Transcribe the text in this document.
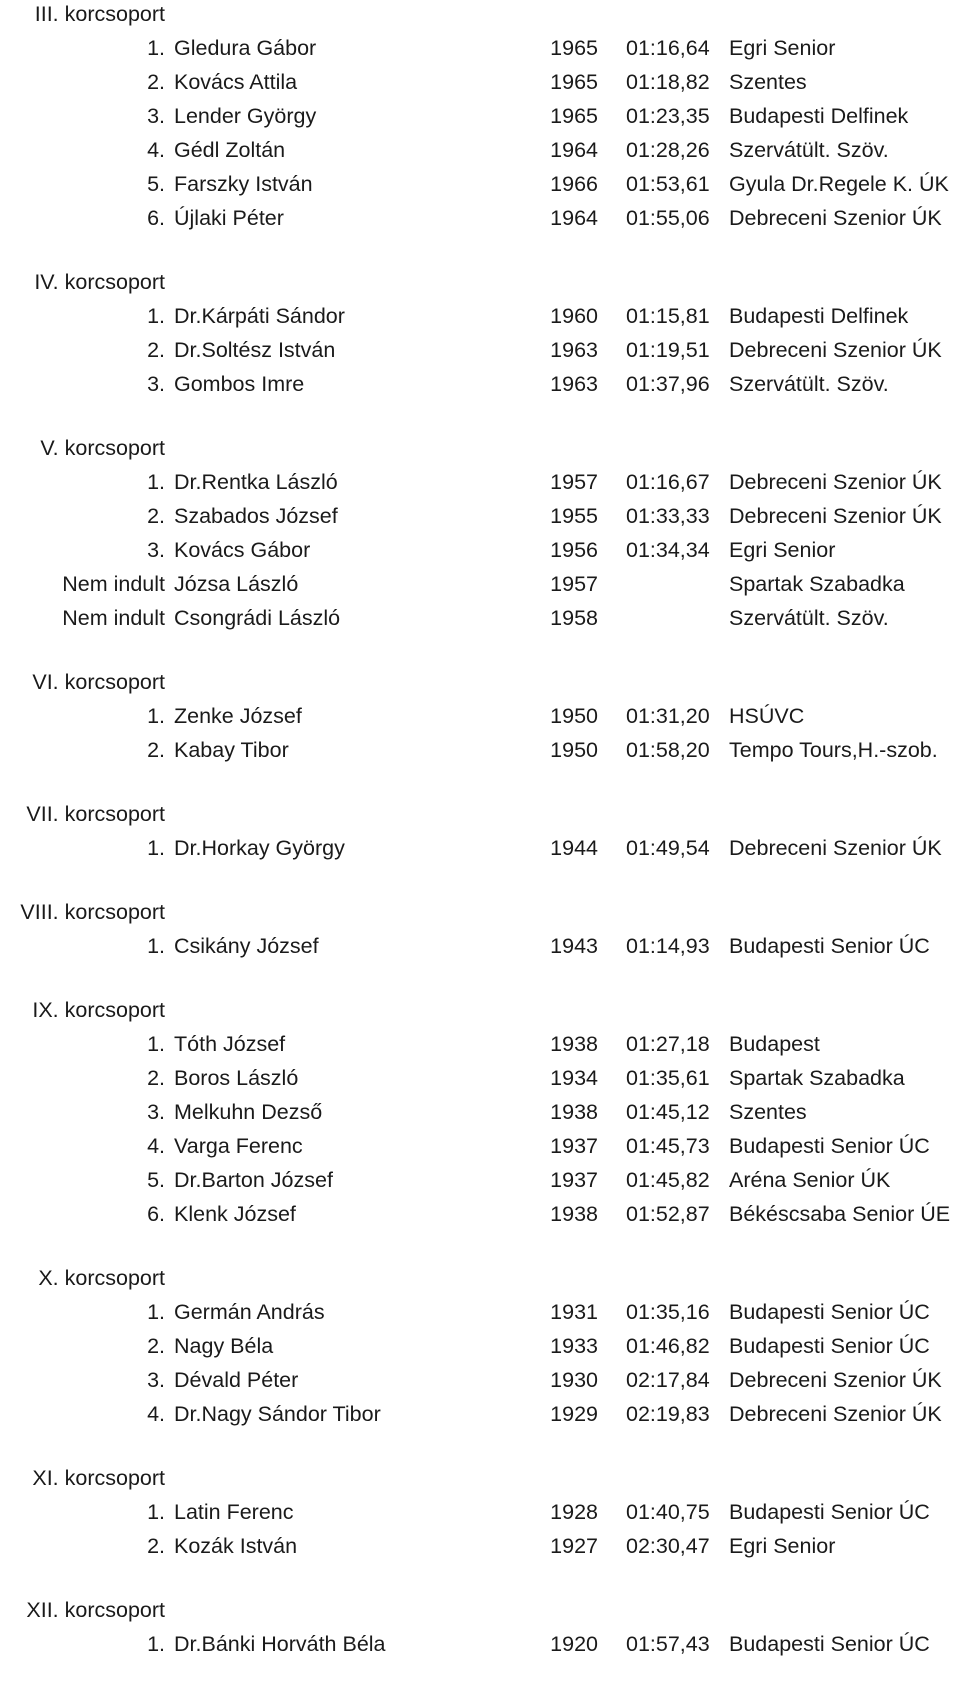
III. korcsoport
1. Gledura Gábor	1965 01:16,64 Egri Senior
2. Kovács Attila	1965 01:18,82 Szentes
3. Lender György	1965 01:23,35 Budapesti Delfinek
4. Gédl Zoltán	1964 01:28,26 Szervátült. Szöv.
5. Farszky István	1966 01:53,61 Gyula Dr.Regele K. ÚK
6. Újlaki Péter	1964 01:55,06 Debreceni Szenior ÚK
IV. korcsoport
1. Dr.Kárpáti Sándor	1960 01:15,81 Budapesti Delfinek
2. Dr.Soltész István	1963 01:19,51 Debreceni Szenior ÚK
3. Gombos Imre	1963 01:37,96 Szervátült. Szöv.
V. korcsoport
1. Dr.Rentka László	1957 01:16,67 Debreceni Szenior ÚK
2. Szabados József	1955 01:33,33 Debreceni Szenior ÚK
3. Kovács Gábor	1956 01:34,34 Egri Senior
Nem indult Józsa László	1957	Spartak Szabadka
Nem indult Csongrádi László	1958	Szervátült. Szöv.
VI. korcsoport
1. Zenke József	1950 01:31,20 HSÚVC
2. Kabay Tibor	1950 01:58,20 Tempo Tours,H.-szob.
VII. korcsoport
1. Dr.Horkay György	1944 01:49,54 Debreceni Szenior ÚK
VIII. korcsoport
1. Csikány József	1943 01:14,93 Budapesti Senior ÚC
IX. korcsoport
1. Tóth József	1938 01:27,18 Budapest
2. Boros László	1934 01:35,61 Spartak Szabadka
3. Melkuhn Dezső	1938 01:45,12 Szentes
4. Varga Ferenc	1937 01:45,73 Budapesti Senior ÚC
5. Dr.Barton József	1937 01:45,82 Aréna Senior ÚK
6. Klenk József	1938 01:52,87 Békéscsaba Senior ÚE
X. korcsoport
1. Germán András	1931 01:35,16 Budapesti Senior ÚC
2. Nagy Béla	1933 01:46,82 Budapesti Senior ÚC
3. Dévald Péter	1930 02:17,84 Debreceni Szenior ÚK
4. Dr.Nagy Sándor Tibor	1929 02:19,83 Debreceni Szenior ÚK
XI. korcsoport
1. Latin Ferenc	1928 01:40,75 Budapesti Senior ÚC
2. Kozák István	1927 02:30,47 Egri Senior
XII. korcsoport
1. Dr.Bánki Horváth Béla	1920 01:57,43 Budapesti Senior ÚC
